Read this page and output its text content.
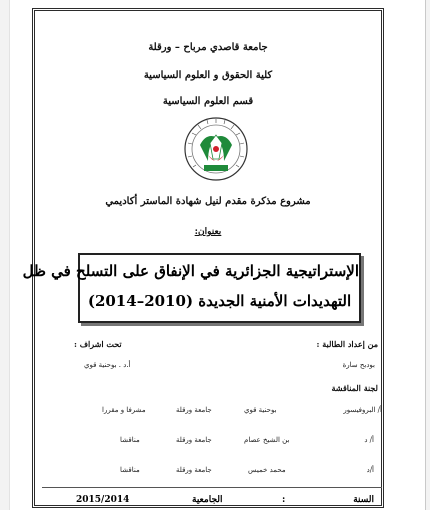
جامعة قاصدي مرباح – ورقلة
كلية الحقوق و العلوم السياسية
قسم العلوم السياسية
مشروع مذكرة مقدم لنيل شهادة الماستر أكاديمي
بعنوان:
الإستراتيجية الجزائرية في الإنفاق على التسلح في ظل
التهديدات الأمنية الجديدة (2010–2014)
من إعداد الطالبة :
تحت اشراف :
بودبح سارة
أ.د . بوحنية قوي
لجنة المناقشة
أ/ البروفيسور
بوحنية قوي
جامعة ورقلة
مشرفا و مقررا
أ/ د
بن الشيخ عصام
جامعة ورقلة
مناقشا
أ/د
محمد خميس
جامعة ورقلة
مناقشا
السنة
:
الجامعية
2015/2014
